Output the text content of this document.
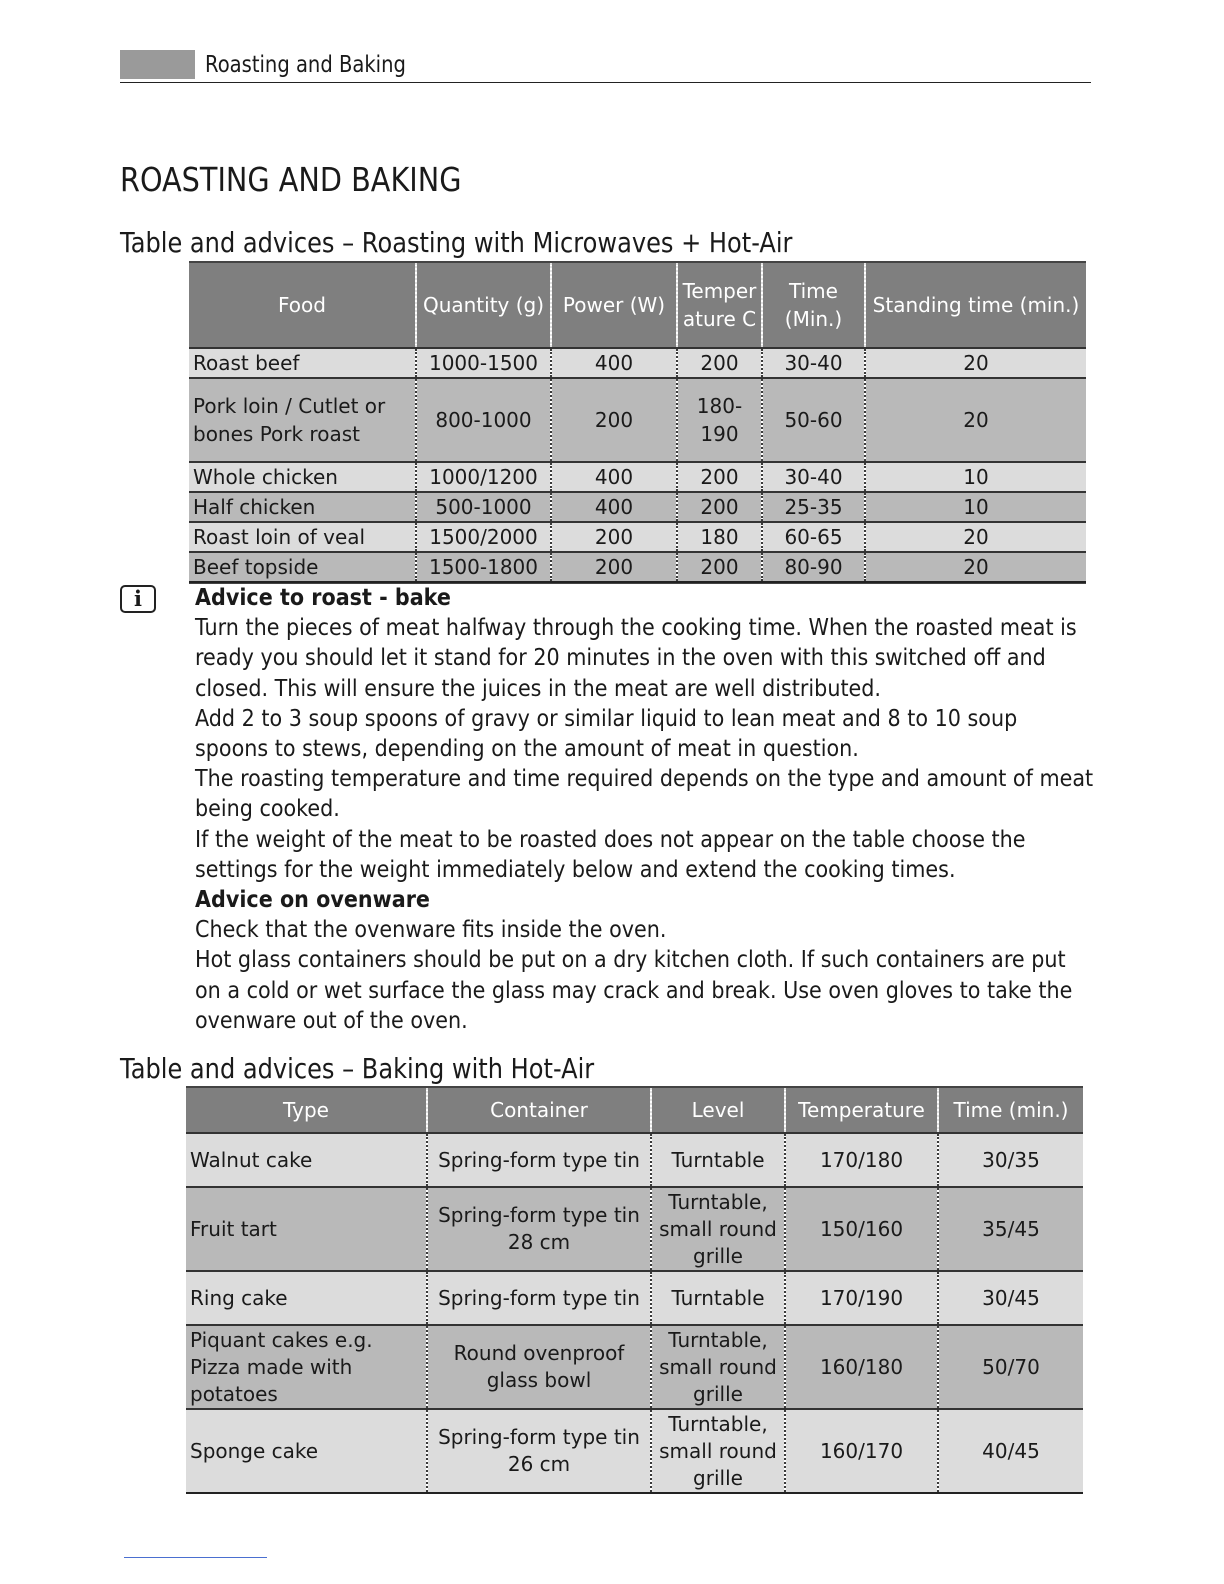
Roasting and Baking
ROASTING AND BAKING
Table and advices – Roasting with Microwaves + Hot-Air
Food	Quantity (g)	Power (W)	Temper ature C	Time (Min.)	Standing time (min.)
Roast beef	1000-1500	400	200	30-40	20
Pork loin / Cutlet or bones Pork roast	800-1000	200	180-190	50-60	20
Whole chicken	1000/1200	400	200	30-40	10
Half chicken	500-1000	400	200	25-35	10
Roast loin of veal	1500/2000	200	180	60-65	20
Beef topside	1500-1800	200	200	80-90	20
i	Advice to roast - bake

Turn the pieces of meat halfway through the cooking time. When the roasted meat is ready you should let it stand for 20 minutes in the oven with this switched off and closed. This will ensure the juices in the meat are well distributed.

Add 2 to 3 soup spoons of gravy or similar liquid to lean meat and 8 to 10 soup spoons to stews, depending on the amount of meat in question.

The roasting temperature and time required depends on the type and amount of meat being cooked.

If the weight of the meat to be roasted does not appear on the table choose the settings for the weight immediately below and extend the cooking times.

Advice on ovenware

Check that the ovenware fits inside the oven.

Hot glass containers should be put on a dry kitchen cloth. If such containers are put on a cold or wet surface the glass may crack and break. Use oven gloves to take the ovenware out of the oven.

Table and advices – Baking with Hot-Air
Type	Container	Level	Temperature	Time (min.)
Walnut cake	Spring-form type tin	Turntable	170/180	30/35
Fruit tart	Spring-form type tin 28 cm	Turntable, small round grille	150/160	35/45
Ring cake	Spring-form type tin	Turntable	170/190	30/45
Piquant cakes e.g. Pizza made with potatoes	Round ovenproof glass bowl	Turntable, small round grille	160/180	50/70
Sponge cake	Spring-form type tin 26 cm	Turntable, small round grille	160/170	40/45
